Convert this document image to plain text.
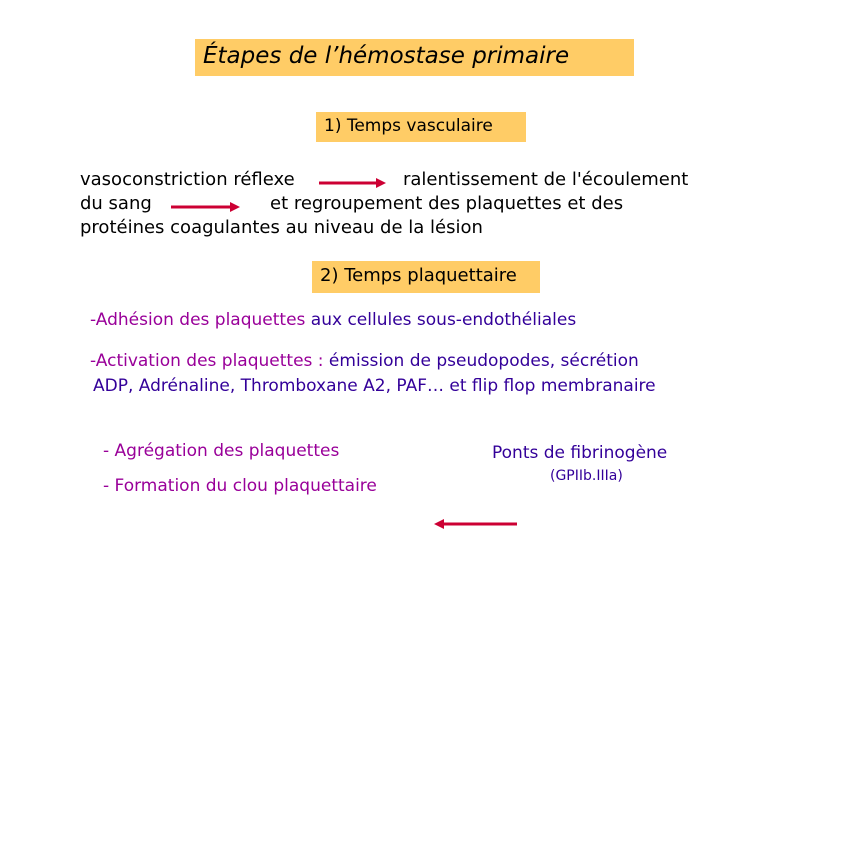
Étapes de l’hémostase primaire
1) Temps vasculaire
vasoconstriction réflexe	ralentissement de l'écoulement
du sang	et regroupement des plaquettes et des
protéines coagulantes au niveau de la lésion
2) Temps plaquettaire
-Adhésion des plaquettes aux cellules sous-endothéliales
-Activation des plaquettes : émission de pseudopodes, sécrétion
ADP, Adrénaline, Thromboxane A2, PAF… et flip flop membranaire
- Agrégation des plaquettes
- Formation du clou plaquettaire
Ponts de fibrinogène
(GPIIb.IIIa)
